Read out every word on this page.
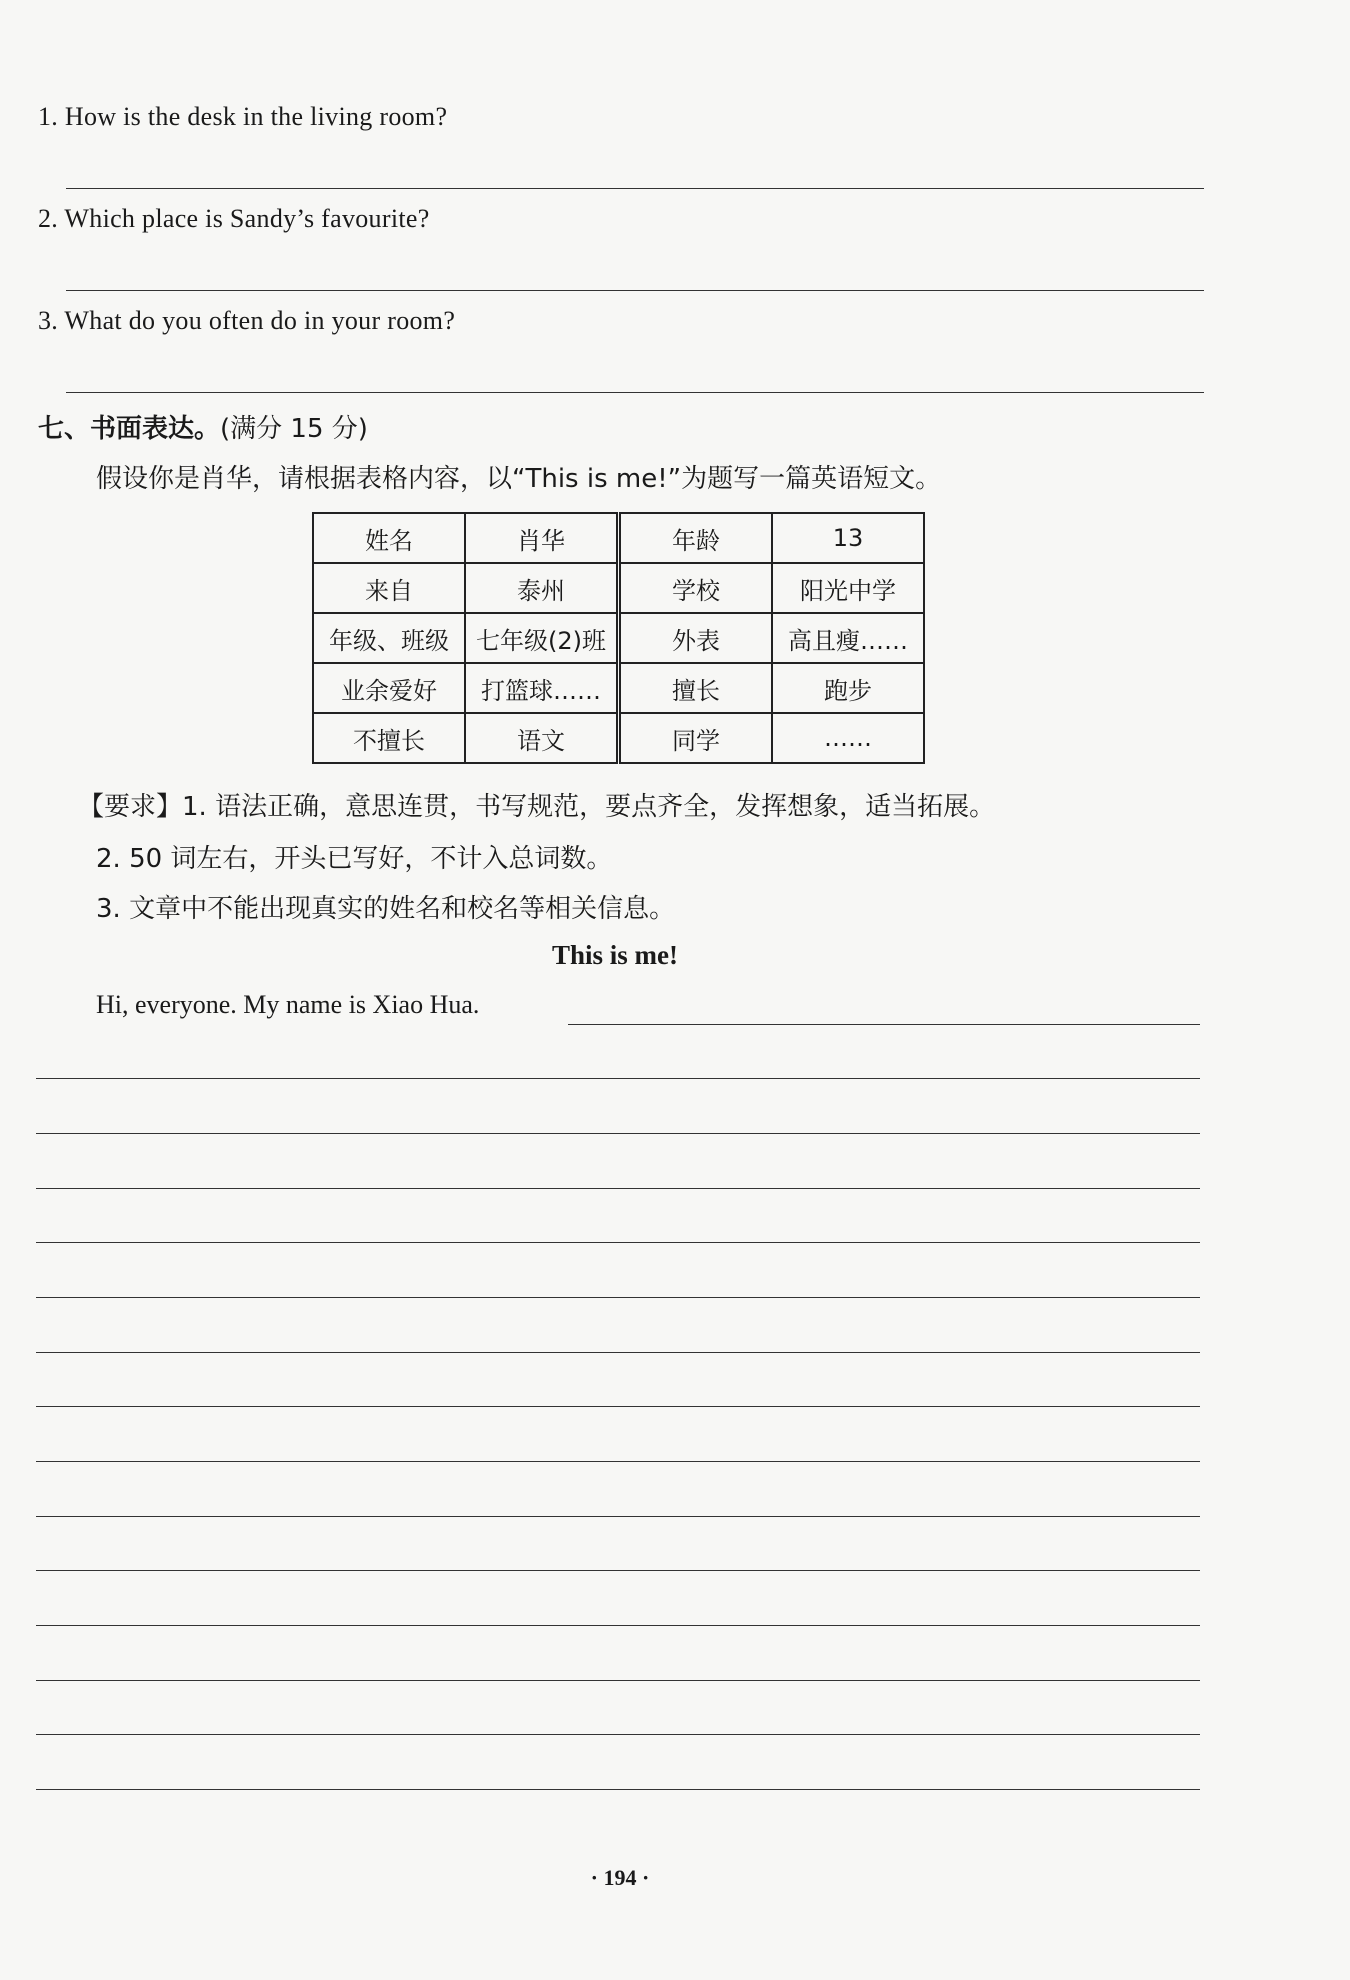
1. How is the desk in the living room?
2. Which place is Sandy’s favourite?
3. What do you often do in your room?
七、书面表达。(满分 15 分)
假设你是肖华，请根据表格内容，以“This is me!”为题写一篇英语短文。
姓名	肖华	年龄	13
来自	泰州	学校	阳光中学
年级、班级	七年级(2)班	外表	高且瘦……
业余爱好	打篮球……	擅长	跑步
不擅长	语文	同学	……
【要求】1. 语法正确，意思连贯，书写规范，要点齐全，发挥想象，适当拓展。
2. 50 词左右，开头已写好，不计入总词数。
3. 文章中不能出现真实的姓名和校名等相关信息。
This is me!
Hi, everyone. My name is Xiao Hua.
· 194 ·
